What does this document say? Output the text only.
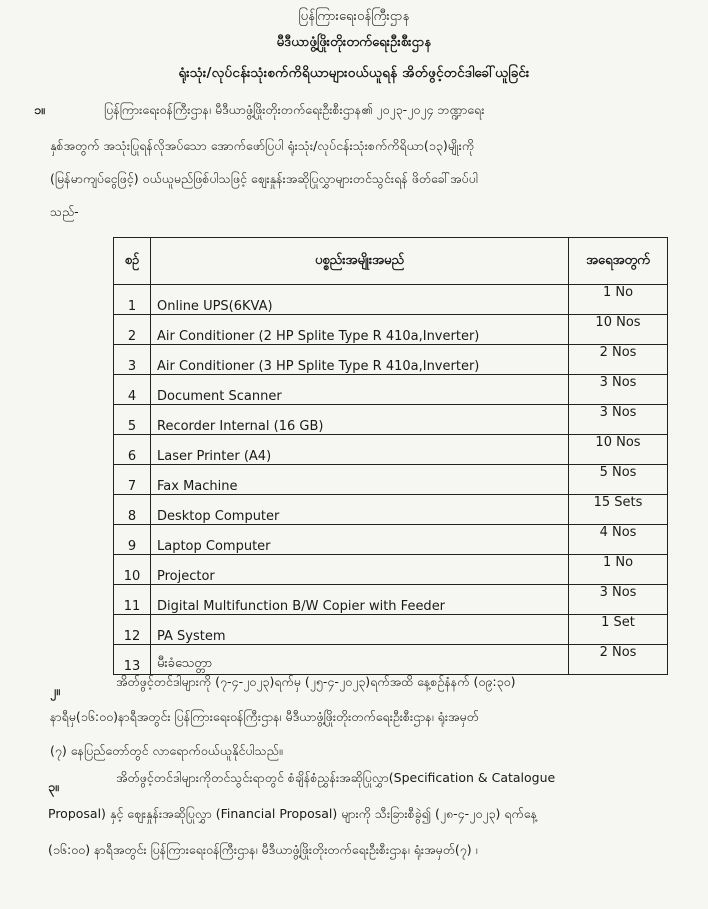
ပြန်ကြားရေးဝန်ကြီးဌာန
မီဒီယာဖွံ့ဖြိုးတိုးတက်ရေးဦးစီးဌာန
ရုံးသုံး/လုပ်ငန်းသုံးစက်ကိရိယာများဝယ်ယူရန် အိတ်ဖွင့်တင်ဒါခေါ်ယူခြင်း
၁။	ပြန်ကြားရေးဝန်ကြီးဌာန၊ မီဒီယာဖွံ့ဖြိုးတိုးတက်ရေးဦးစီးဌာန၏ ၂၀၂၃-၂၀၂၄ ဘဏ္ဍာရေး
နှစ်အတွက် အသုံးပြုရန်လိုအပ်သော အောက်ဖော်ပြပါ ရုံးသုံး/လုပ်ငန်းသုံးစက်ကိရိယာ(၁၃)မျိုးကို
(မြန်မာကျပ်ငွေဖြင့်) ဝယ်ယူမည်ဖြစ်ပါသဖြင့် ဈေးနှုန်းအဆိုပြုလွှာများတင်သွင်းရန် ဖိတ်ခေါ်အပ်ပါ
သည်-
စဉ်	ပစ္စည်းအမျိုးအမည်	အရေအတွက်
1	Online UPS(6KVA)	1 No
2	Air Conditioner (2 HP Splite Type R 410a,Inverter)	10 Nos
3	Air Conditioner (3 HP Splite Type R 410a,Inverter)	2 Nos
4	Document Scanner	3 Nos
5	Recorder Internal (16 GB)	3 Nos
6	Laser Printer (A4)	10 Nos
7	Fax Machine	5 Nos
8	Desktop Computer	15 Sets
9	Laptop Computer	4 Nos
10	Projector	1 No
11	Digital Multifunction B/W Copier with Feeder	3 Nos
12	PA System	1 Set
13	မီးခံသေတ္တာ	2 Nos
၂။
အိတ်ဖွင့်တင်ဒါများကို (၇-၄-၂၀၂၃)ရက်မှ (၂၅-၄-၂၀၂၃)ရက်အထိ နေ့စဉ်နံနက် (၀၉:၃၀)
နာရီမှ(၁၆:၀၀)နာရီအတွင်း ပြန်ကြားရေးဝန်ကြီးဌာန၊ မီဒီယာဖွံ့ဖြိုးတိုးတက်ရေးဦးစီးဌာန၊ ရုံးအမှတ်
(၇) နေပြည်တော်တွင် လာရောက်ဝယ်ယူနိုင်ပါသည်။
၃။
အိတ်ဖွင့်တင်ဒါများကိုတင်သွင်းရာတွင် စံချိန်စံညွှန်းအဆိုပြုလွှာ(Specification & Catalogue
Proposal) နှင့် ဈေးနှုန်းအဆိုပြုလွှာ (Financial Proposal) များကို သီးခြားစီခွဲ၍ (၂၈-၄-၂၀၂၃) ရက်နေ့
(၁၆:၀၀) နာရီအတွင်း ပြန်ကြားရေးဝန်ကြီးဌာန၊ မီဒီယာဖွံ့ဖြိုးတိုးတက်ရေးဦးစီးဌာန၊ ရုံးအမှတ်(၇) ၊
